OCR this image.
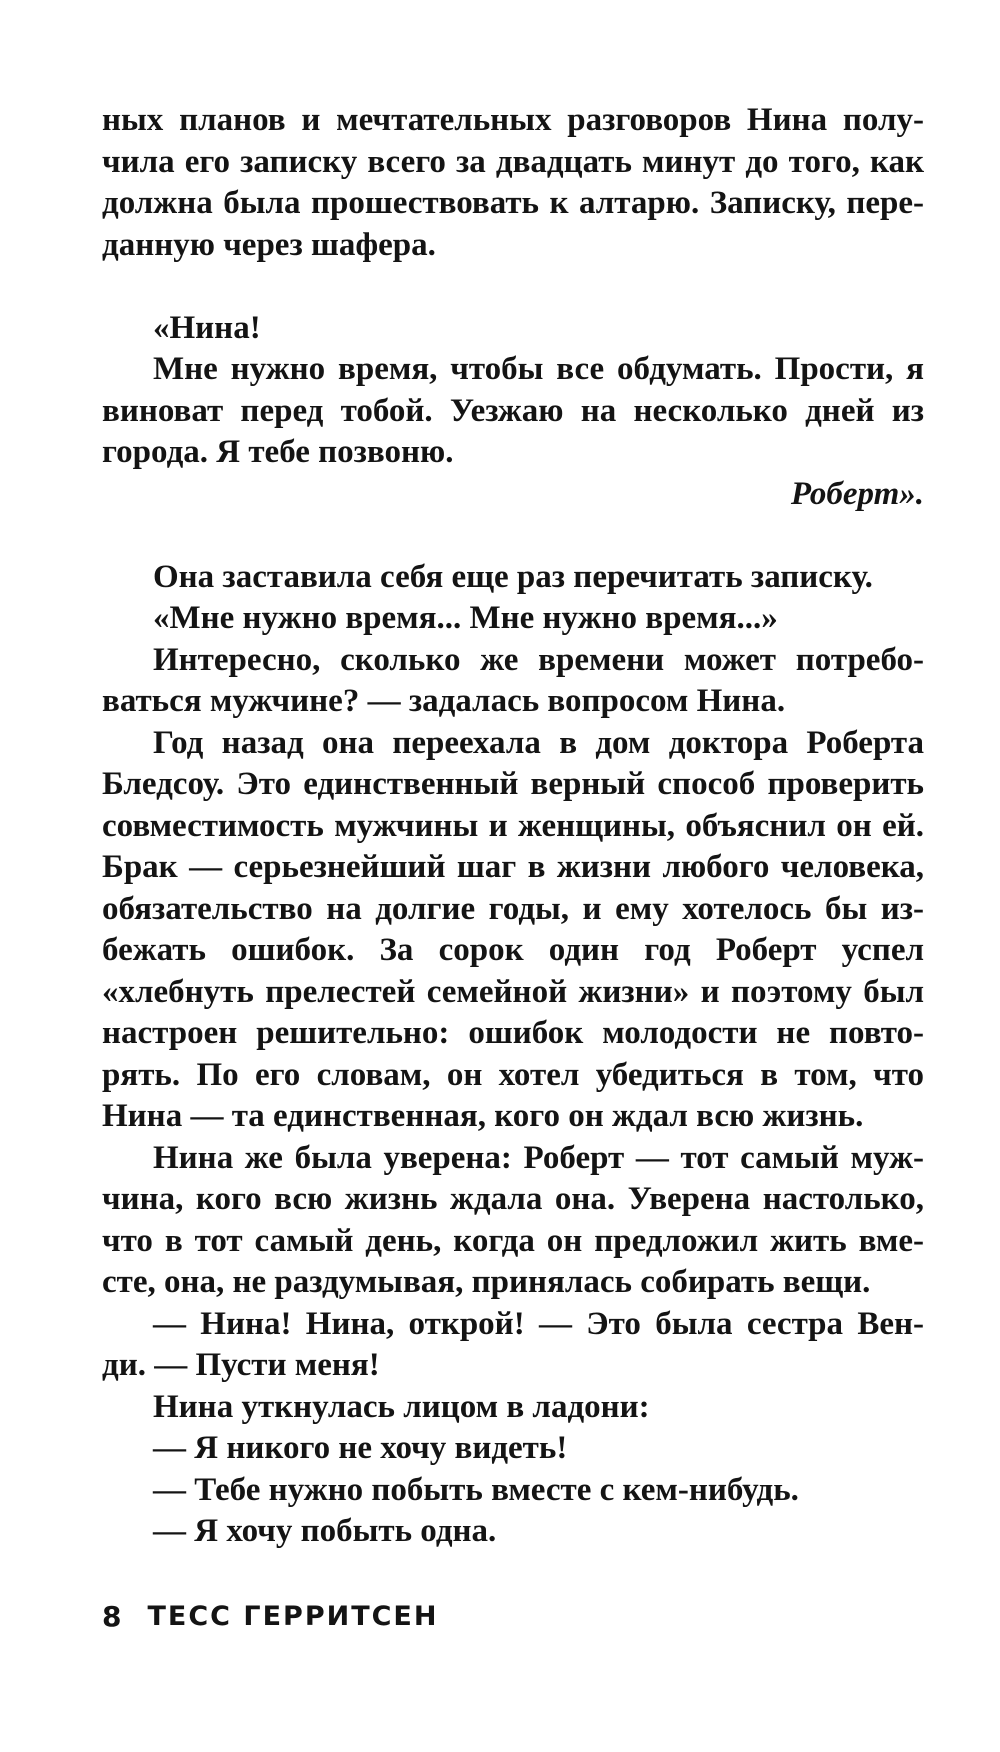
ных планов и мечтательных разговоров Нина полу-
чила его записку всего за двадцать минут до того, как
должна была прошествовать к алтарю. Записку, пере-
данную через шафера.
«Нина!
Мне нужно время, чтобы все обдумать. Прости, я
виноват перед тобой. Уезжаю на несколько дней из
города. Я тебе позвоню.
Роберт».
Она заставила себя еще раз перечитать записку.
«Мне нужно время... Мне нужно время...»
Интересно, сколько же времени может потребо-
ваться мужчине? — задалась вопросом Нина.
Год назад она переехала в дом доктора Роберта
Бледсоу. Это единственный верный способ проверить
совместимость мужчины и женщины, объяснил он ей.
Брак — серьезнейший шаг в жизни любого человека,
обязательство на долгие годы, и ему хотелось бы из-
бежать ошибок. За сорок один год Роберт успел
«хлебнуть прелестей семейной жизни» и поэтому был
настроен решительно: ошибок молодости не повто-
рять. По его словам, он хотел убедиться в том, что
Нина — та единственная, кого он ждал всю жизнь.
Нина же была уверена: Роберт — тот самый муж-
чина, кого всю жизнь ждала она. Уверена настолько,
что в тот самый день, когда он предложил жить вме-
сте, она, не раздумывая, принялась собирать вещи.
— Нина! Нина, открой! — Это была сестра Вен-
ди. — Пусти меня!
Нина уткнулась лицом в ладони:
— Я никого не хочу видеть!
— Тебе нужно побыть вместе с кем-нибудь.
— Я хочу побыть одна.
8 ТЕСС ГЕРРИТСЕН
